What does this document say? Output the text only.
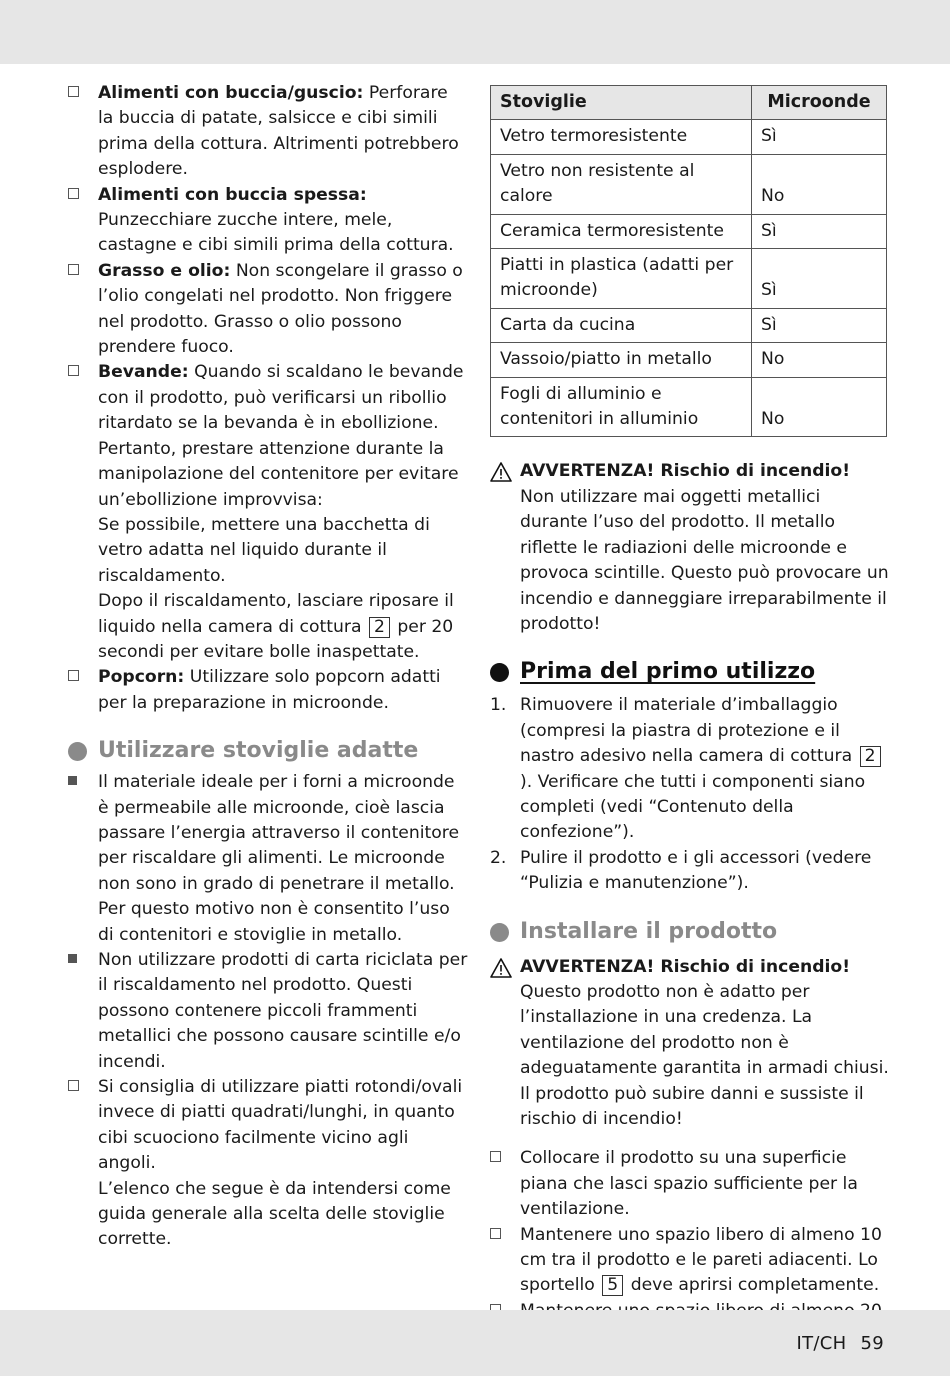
Alimenti con buccia/guscio: Perforare la buccia di patate, salsicce e cibi simili prima della cottura. Altrimenti potrebbero esplodere.
Alimenti con buccia spessa: Punzecchiare zucche intere, mele, castagne e cibi simili prima della cottura.
Grasso e olio: Non scongelare il grasso o l’olio congelati nel prodotto. Non friggere nel prodotto. Grasso o olio possono prendere fuoco.
Bevande: Quando si scaldano le bevande con il prodotto, può verificarsi un ribollio ritardato se la bevanda è in ebollizione. Pertanto, prestare attenzione durante la manipolazione del contenitore per evitare un’ebollizione improvvisa:
Se possibile, mettere una bacchetta di vetro adatta nel liquido durante il riscaldamento.
Dopo il riscaldamento, lasciare riposare il liquido nella camera di cottura 2 per 20 secondi per evitare bolle inaspettate.
Popcorn: Utilizzare solo popcorn adatti per la preparazione in microonde.
Utilizzare stoviglie adatte
Il materiale ideale per i forni a microonde è permeabile alle microonde, cioè lascia passare l’energia attraverso il contenitore per riscaldare gli alimenti. Le microonde non sono in grado di penetrare il metallo. Per questo motivo non è consentito l’uso di contenitori e stoviglie in metallo.
Non utilizzare prodotti di carta riciclata per il riscaldamento nel prodotto. Questi possono contenere piccoli frammenti metallici che possono causare scintille e/o incendi.
Si consiglia di utilizzare piatti rotondi/ovali invece di piatti quadrati/lunghi, in quanto cibi scuociono facilmente vicino agli angoli.
L’elenco che segue è da intendersi come guida generale alla scelta delle stoviglie corrette.
Stoviglie	Microonde
Vetro termoresistente	Sì
Vetro non resistente al calore	No
Ceramica termoresistente	Sì
Piatti in plastica (adatti per microonde)	Sì
Carta da cucina	Sì
Vassoio/piatto in metallo	No
Fogli di alluminio e contenitori in alluminio	No
AVVERTENZA! Rischio di incendio!
Non utilizzare mai oggetti metallici durante l’uso del prodotto. Il metallo riflette le radiazioni delle microonde e provoca scintille. Questo può provocare un incendio e danneggiare irreparabilmente il prodotto!
Prima del primo utilizzo
1. Rimuovere il materiale d’imballaggio (compresi la piastra di protezione e il nastro adesivo nella camera di cottura 2). Verificare che tutti i componenti siano completi (vedi “Contenuto della confezione”).
2. Pulire il prodotto e i gli accessori (vedere “Pulizia e manutenzione”).
Installare il prodotto
AVVERTENZA! Rischio di incendio!
Questo prodotto non è adatto per l’installazione in una credenza. La ventilazione del prodotto non è adeguatamente garantita in armadi chiusi. Il prodotto può subire danni e sussiste il rischio di incendio!
Collocare il prodotto su una superficie piana che lasci spazio sufficiente per la ventilazione.
Mantenere uno spazio libero di almeno 10 cm tra il prodotto e le pareti adiacenti. Lo sportello 5 deve aprirsi completamente.
IT/CH 59
